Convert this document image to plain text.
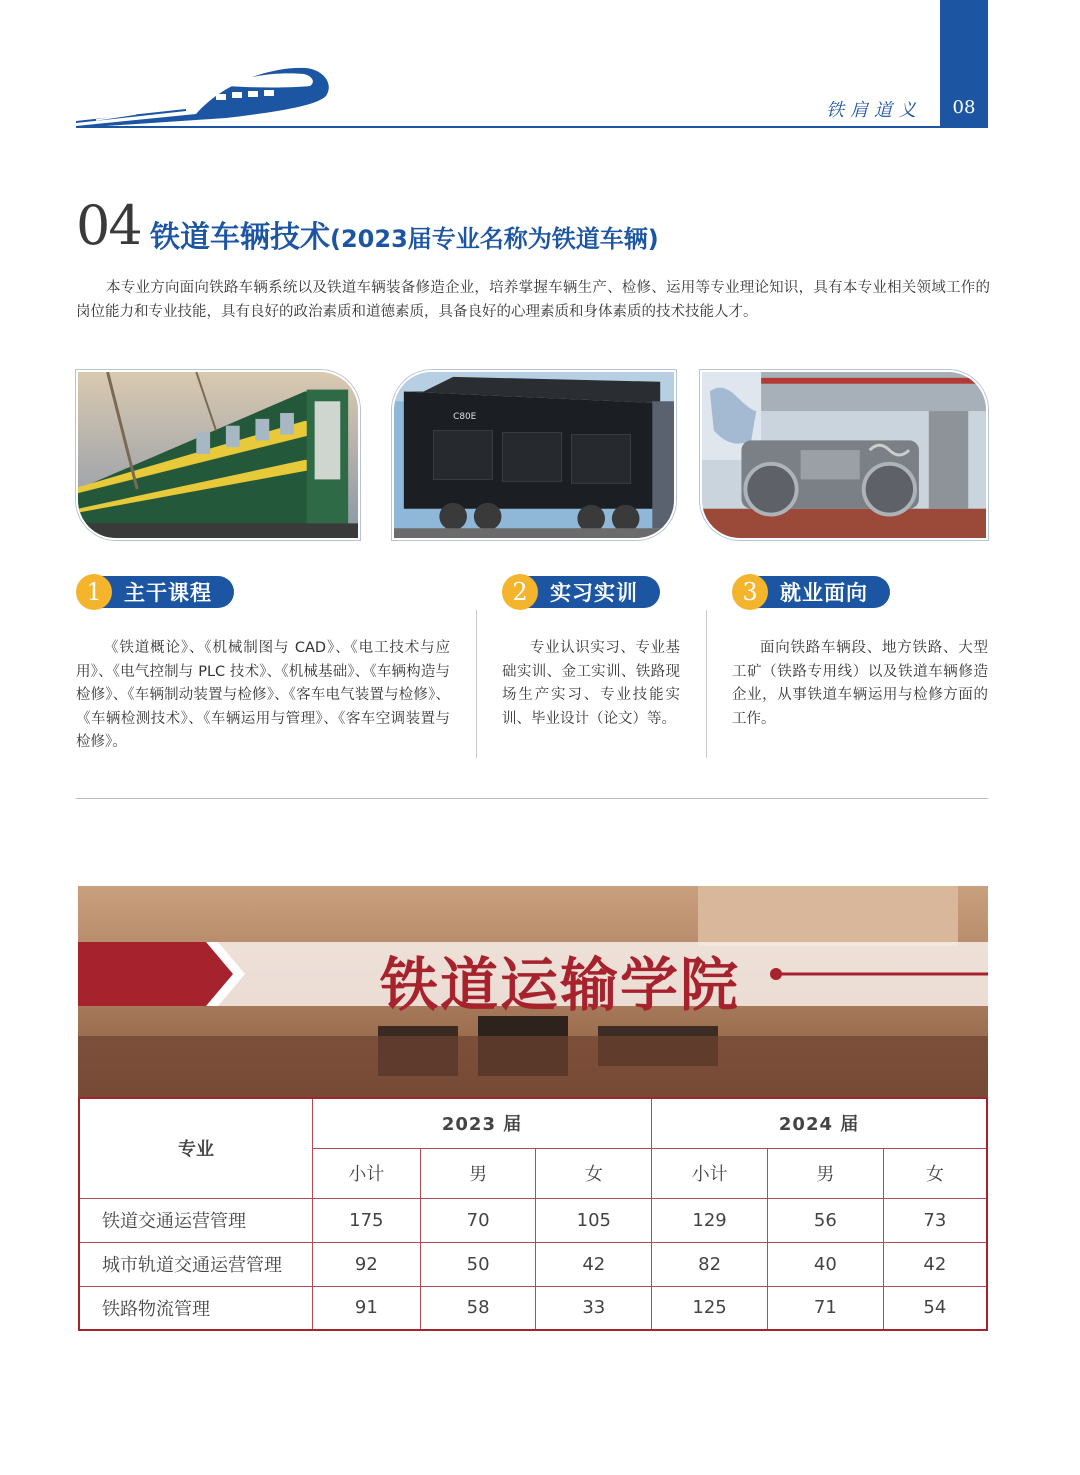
铁肩道义	08
04 铁道车辆技术(2023届专业名称为铁道车辆)

本专业方向面向铁路车辆系统以及铁道车辆装备修造企业，培养掌握车辆生产、检修、运用等专业理论知识，具有本专业相关领域工作的岗位能力和专业技能，具有良好的政治素质和道德素质，具备良好的心理素质和身体素质的技术技能人才。

C80E
1	主干课程	2	实习实训	3	就业面向

《铁道概论》、《机械制图与 CAD》、《电工技术与应用》、《电气控制与 PLC 技术》、《机械基础》、《车辆构造与检修》、《车辆制动装置与检修》、《客车电气装置与检修》、《车辆检测技术》、《车辆运用与管理》、《客车空调装置与检修》。

专业认识实习、专业基础实训、金工实训、铁路现场生产实习、专业技能实训、毕业设计（论文）等。

面向铁路车辆段、地方铁路、大型工矿（铁路专用线）以及铁道车辆修造企业，从事铁道车辆运用与检修方面的工作。

铁道运输学院
专业	2023 届			2024 届		
	小计	男	女	小计	男	女
铁道交通运营管理	175	70	105	129	56	73
城市轨道交通运营管理	92	50	42	82	40	42
铁路物流管理	91	58	33	125	71	54
